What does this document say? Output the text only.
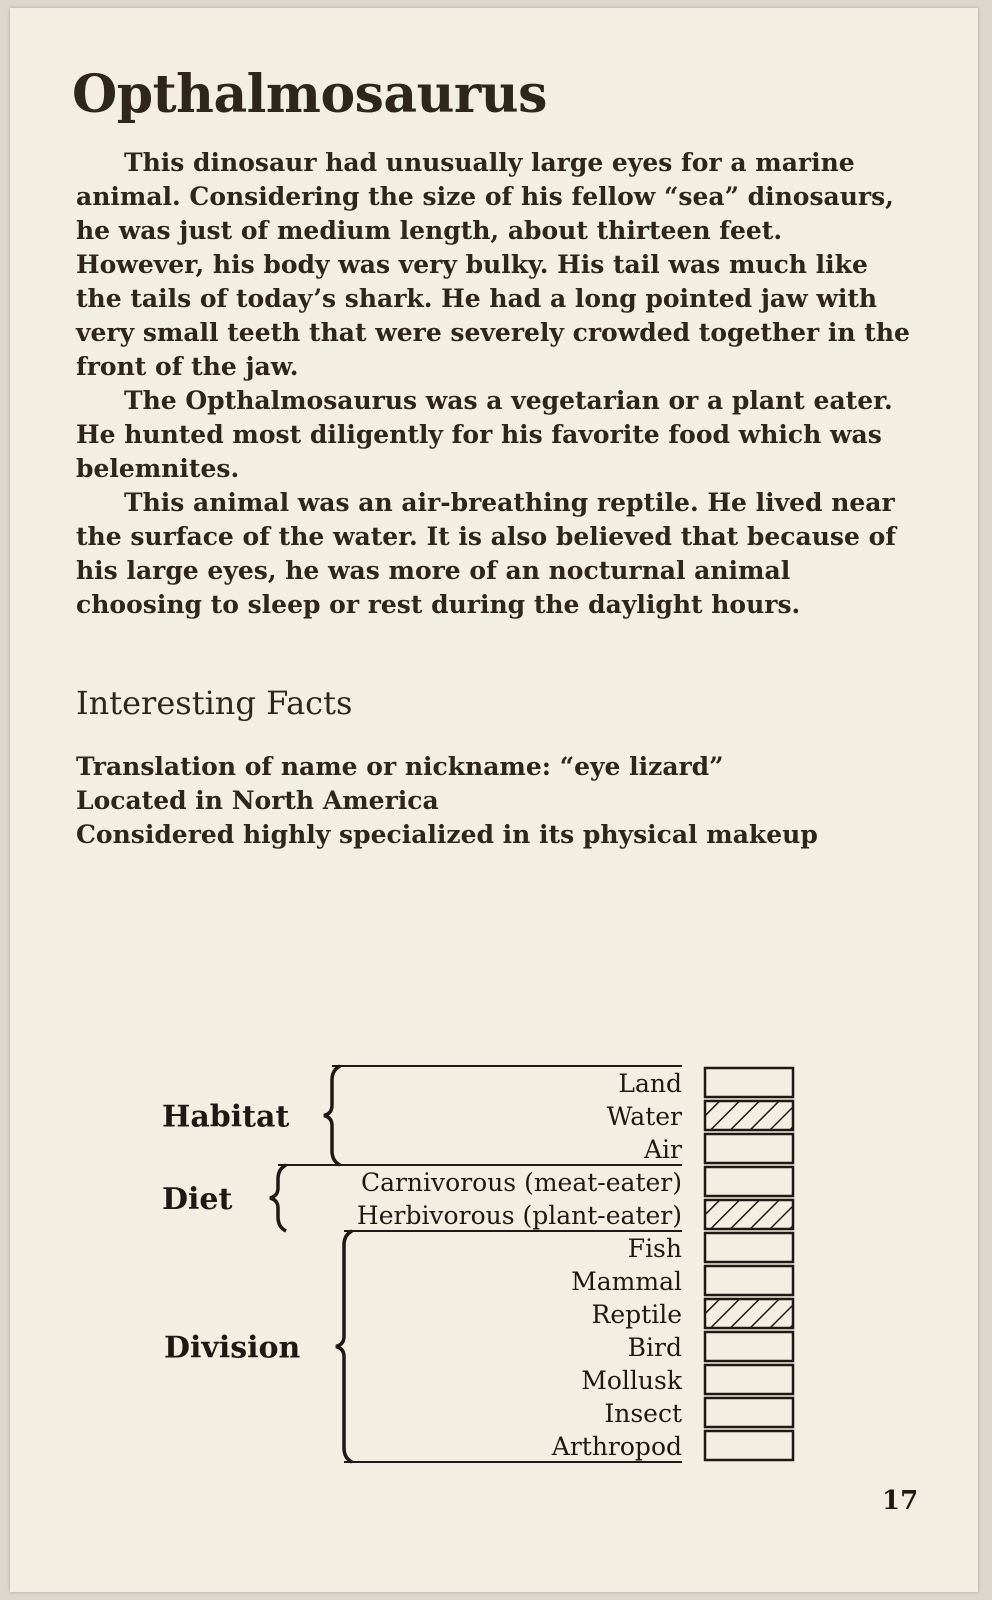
Opthalmosaurus

This dinosaur had unusually large eyes for a marine animal. Considering the size of his fellow “sea” dinosaurs, he was just of medium length, about thirteen feet. However, his body was very bulky. His tail was much like the tails of today’s shark. He had a long pointed jaw with very small teeth that were severely crowded together in the front of the jaw.

The Opthalmosaurus was a vegetarian or a plant eater. He hunted most diligently for his favorite food which was belemnites.

This animal was an air-breathing reptile. He lived near the surface of the water. It is also believed that because of his large eyes, he was more of an nocturnal animal choosing to sleep or rest during the daylight hours.

Interesting Facts
Translation of name or nickname: “eye lizard”
Located in North America
Considered highly specialized in its physical makeup
Habitat
Land
Water
Air
Diet	Carnivorous (meat-eater)
Herbivorous (plant-eater)
Division
Fish
Mammal
Reptile
Bird
Mollusk
Insect
Arthropod
17
